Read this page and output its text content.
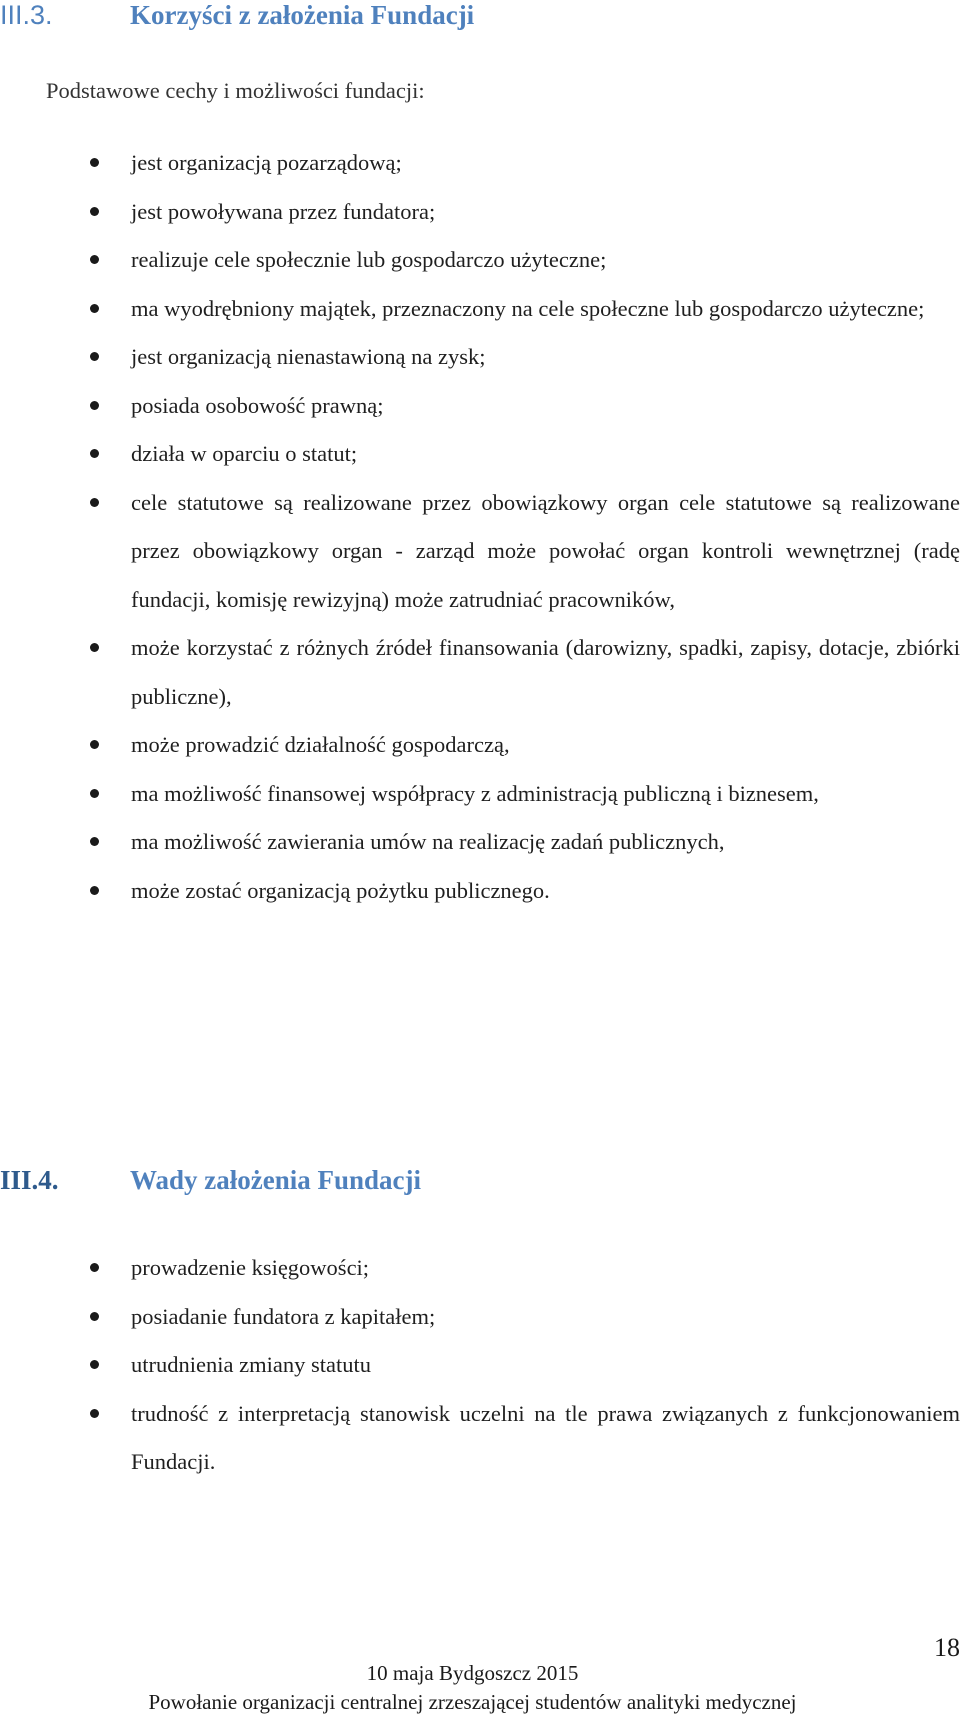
III.3.	Korzyści z założenia Fundacji
Podstawowe cechy i możliwości fundacji:
jest organizacją pozarządową;
jest powoływana przez fundatora;
realizuje cele społecznie lub gospodarczo użyteczne;
ma wyodrębniony majątek, przeznaczony na cele społeczne lub gospodarczo użyteczne;
jest organizacją nienastawioną na zysk;
posiada osobowość prawną;
działa w oparciu o statut;
cele statutowe są realizowane przez obowiązkowy organ cele statutowe są realizowane przez obowiązkowy organ - zarząd może powołać organ kontroli wewnętrznej (radę fundacji, komisję rewizyjną) może zatrudniać pracowników,
może korzystać z różnych źródeł finansowania (darowizny, spadki, zapisy, dotacje, zbiórki publiczne),
może prowadzić działalność gospodarczą,
ma możliwość finansowej współpracy z administracją publiczną i biznesem,
ma możliwość zawierania umów na realizację zadań publicznych,
może zostać organizacją pożytku publicznego.
III.4.	Wady założenia Fundacji
prowadzenie księgowości;
posiadanie fundatora z kapitałem;
utrudnienia zmiany statutu
trudność z interpretacją stanowisk uczelni na tle prawa związanych z funkcjonowaniem Fundacji.
18
10 maja Bydgoszcz 2015
Powołanie organizacji centralnej zrzeszającej studentów analityki medycznej
